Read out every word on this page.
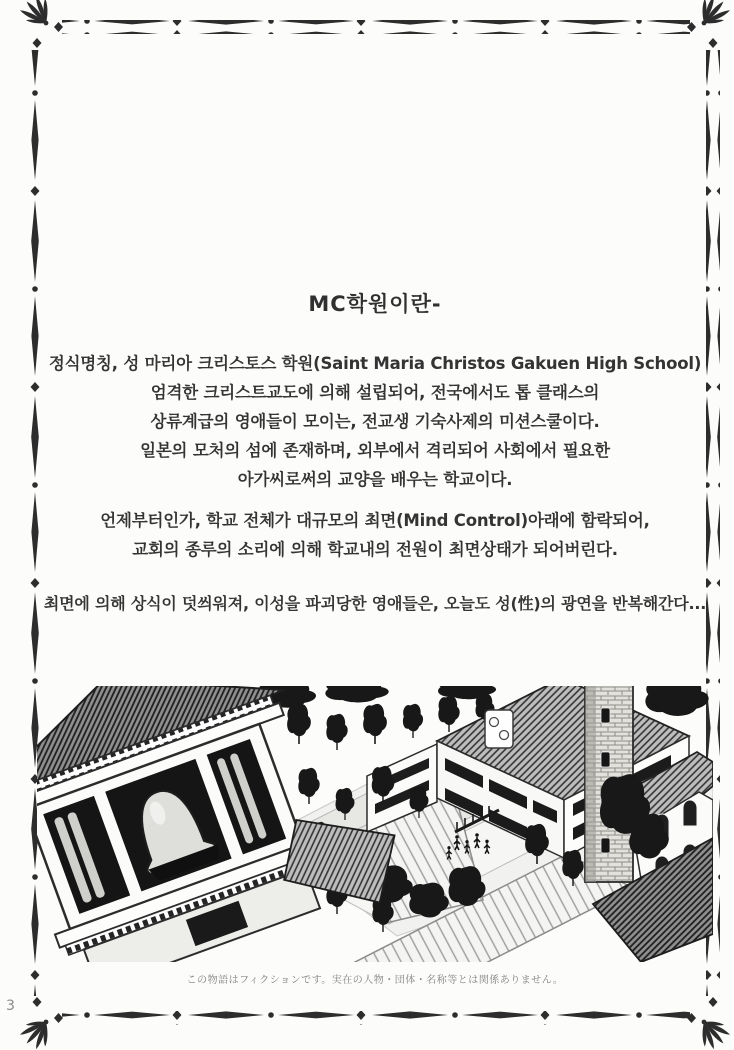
MC학원이란-
정식명칭, 성 마리아 크리스토스 학원(Saint Maria Christos Gakuen High School)
엄격한 크리스트교도에 의해 설립되어, 전국에서도 톱 클래스의
상류계급의 영애들이 모이는, 전교생 기숙사제의 미션스쿨이다.
일본의 모처의 섬에 존재하며, 외부에서 격리되어 사회에서 필요한
아가씨로써의 교양을 배우는 학교이다.
언제부터인가, 학교 전체가 대규모의 최면(Mind Control)아래에 함락되어,
교회의 종루의 소리에 의해 학교내의 전원이 최면상태가 되어버린다.
최면에 의해 상식이 덧씌워져, 이성을 파괴당한 영애들은, 오늘도 성(性)의 광연을 반복해간다...
この物語はフィクションです。実在の人物・団体・名称等とは関係ありません。
3
